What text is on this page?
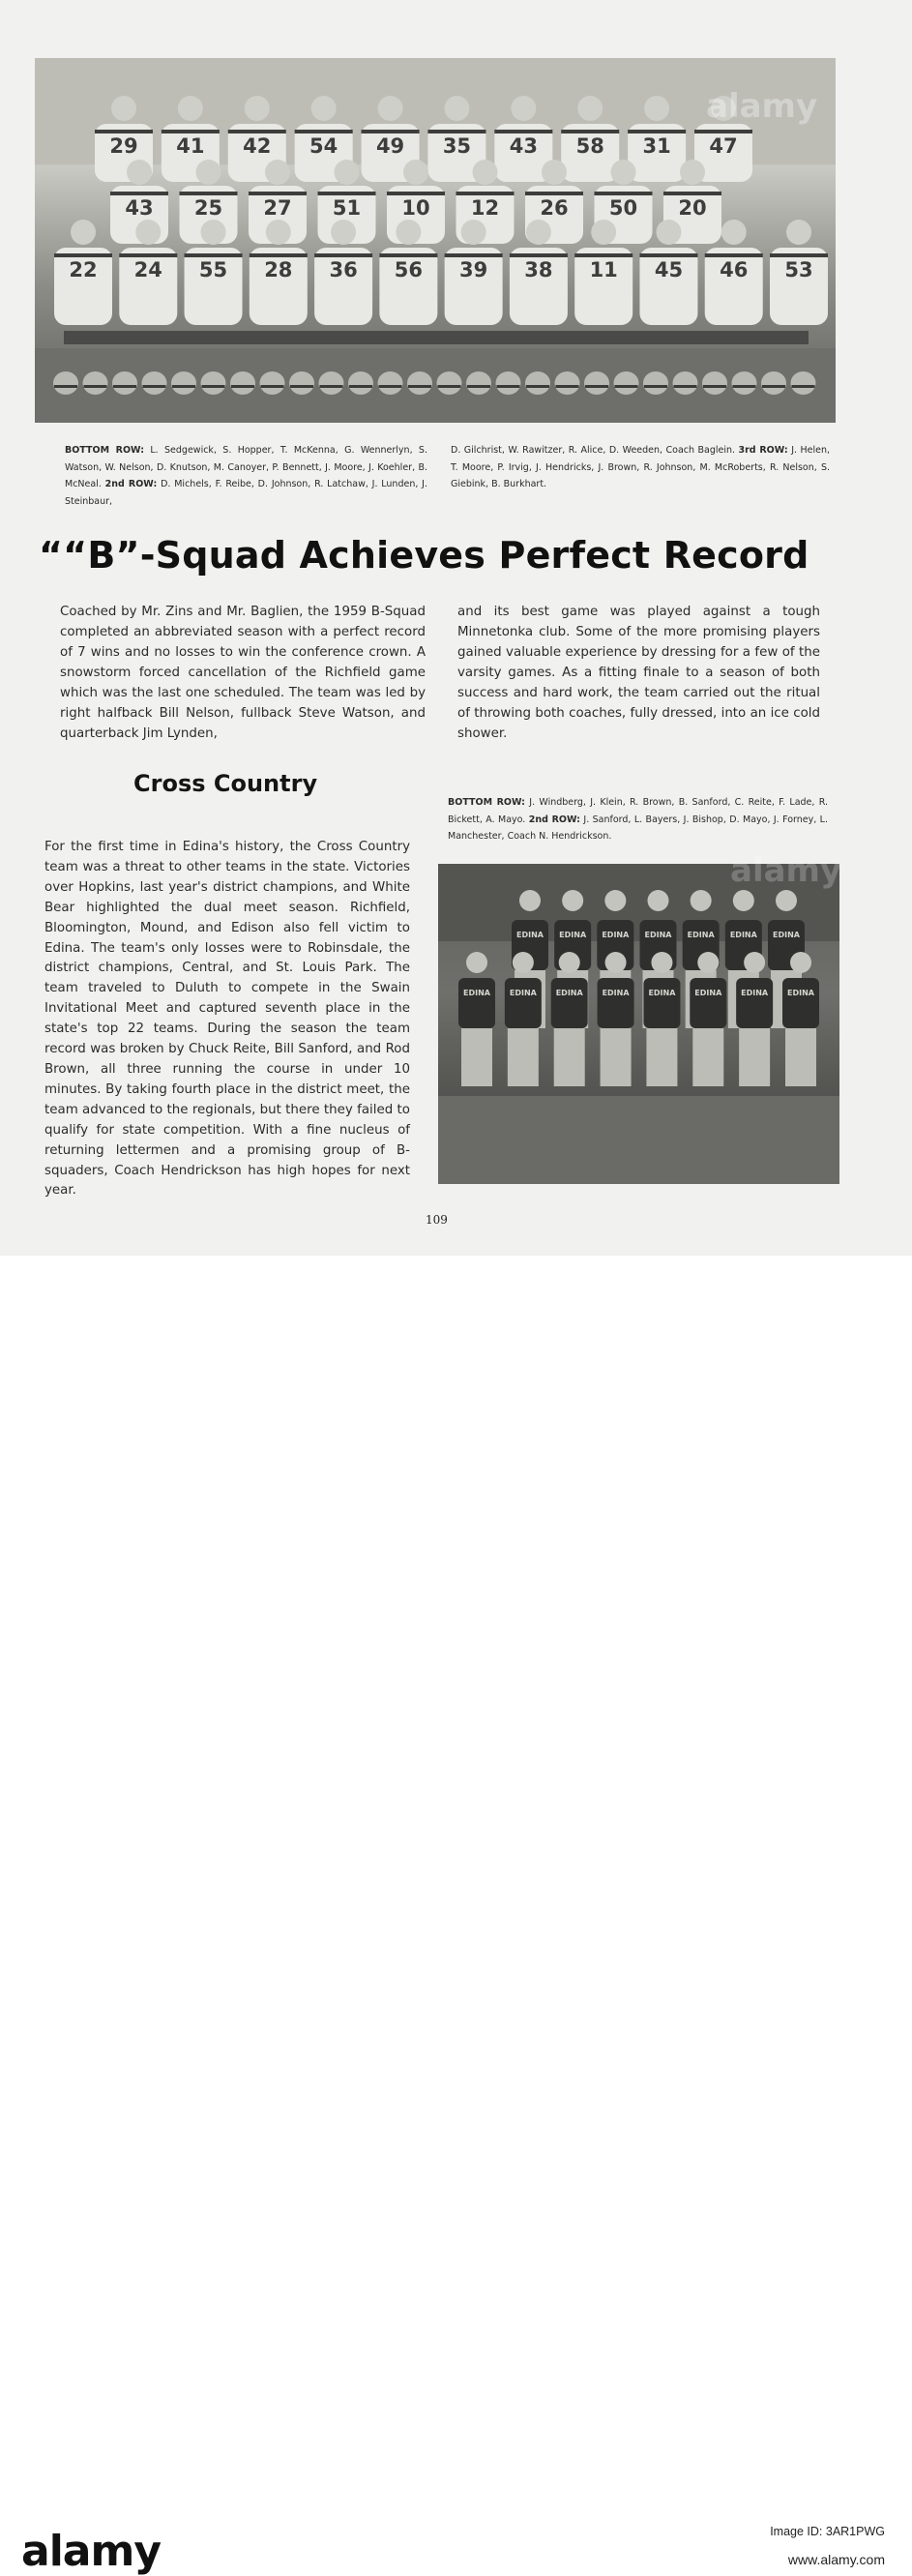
29 41 42 54 49 35 43 58 31 47
43 25 27 51 10 12 26 50 20
22 24 55 28 36 56 39 38 11 45 46 53

BOTTOM ROW: L. Sedgewick, S. Hopper, T. McKenna, G. Wennerlyn, S. Watson, W. Nelson, D. Knutson, M. Canoyer, P. Bennett, J. Moore, J. Koehler, B. McNeal. 2nd ROW: D. Michels, F. Reibe, D. Johnson, R. Latchaw, J. Lunden, J. Steinbaur,

D. Gilchrist, W. Rawitzer, R. Alice, D. Weeden, Coach Baglein. 3rd ROW: J. Helen, T. Moore, P. Irvig, J. Hendricks, J. Brown, R. Johnson, M. McRoberts, R. Nelson, S. Giebink, B. Burkhart.

““B”-Squad Achieves Perfect Record

Coached by Mr. Zins and Mr. Baglien, the 1959 B-Squad completed an abbreviated season with a perfect record of 7 wins and no losses to win the conference crown. A snowstorm forced cancellation of the Richfield game which was the last one scheduled. The team was led by right halfback Bill Nelson, fullback Steve Watson, and quarterback Jim Lynden,

and its best game was played against a tough Minnetonka club. Some of the more promising players gained valuable experience by dressing for a few of the varsity games. As a fitting finale to a season of both success and hard work, the team carried out the ritual of throwing both coaches, fully dressed, into an ice cold shower.

Cross Country

For the first time in Edina's history, the Cross Country team was a threat to other teams in the state. Victories over Hopkins, last year's district champions, and White Bear highlighted the dual meet season. Richfield, Bloomington, Mound, and Edison also fell victim to Edina. The team's only losses were to Robinsdale, the district champions, Central, and St. Louis Park. The team traveled to Duluth to compete in the Swain Invitational Meet and captured seventh place in the state's top 22 teams. During the season the team record was broken by Chuck Reite, Bill Sanford, and Rod Brown, all three running the course in under 10 minutes. By taking fourth place in the district meet, the team advanced to the regionals, but there they failed to qualify for state competition. With a fine nucleus of returning lettermen and a promising group of B-squaders, Coach Hendrickson has high hopes for next year.

BOTTOM ROW: J. Windberg, J. Klein, R. Brown, B. Sanford, C. Reite, F. Lade, R. Bickett, A. Mayo. 2nd ROW: J. Sanford, L. Bayers, J. Bishop, D. Mayo, J. Forney, L. Manchester, Coach N. Hendrickson.

EDINA EDINA EDINA EDINA EDINA EDINA EDINA
EDINA EDINA EDINA EDINA EDINA EDINA EDINA EDINA
109
alamy
alamy
alamy	Image ID: 3AR1PWG
www.alamy.com
